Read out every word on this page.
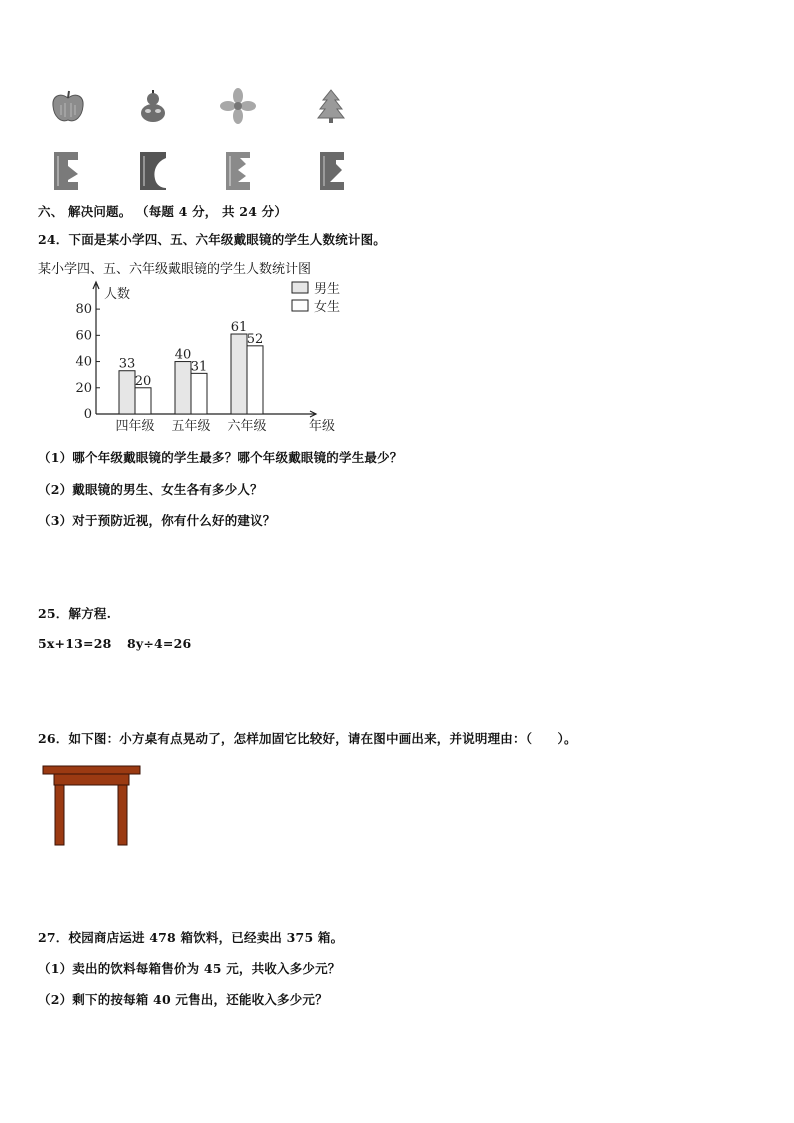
六、 解决问题。 （每题 4 分， 共 24 分）
24．下面是某小学四、五、六年级戴眼镜的学生人数统计图。
某小学四、五、六年级戴眼镜的学生人数统计图
0
20
40
60
80
人数
年级
33
20
四年级
40
31
五年级
61
52
六年级
男生
女生
（1）哪个年级戴眼镜的学生最多？哪个年级戴眼镜的学生最少？
（2）戴眼镜的男生、女生各有多少人？
（3）对于预防近视，你有什么好的建议？
25．解方程.
5x+13=28 8y÷4=26
26．如下图：小方桌有点晃动了，怎样加固它比较好，请在图中画出来，并说明理由：（　　）。
27．校园商店运进 478 箱饮料，已经卖出 375 箱。
（1）卖出的饮料每箱售价为 45 元，共收入多少元？
（2）剩下的按每箱 40 元售出，还能收入多少元？
